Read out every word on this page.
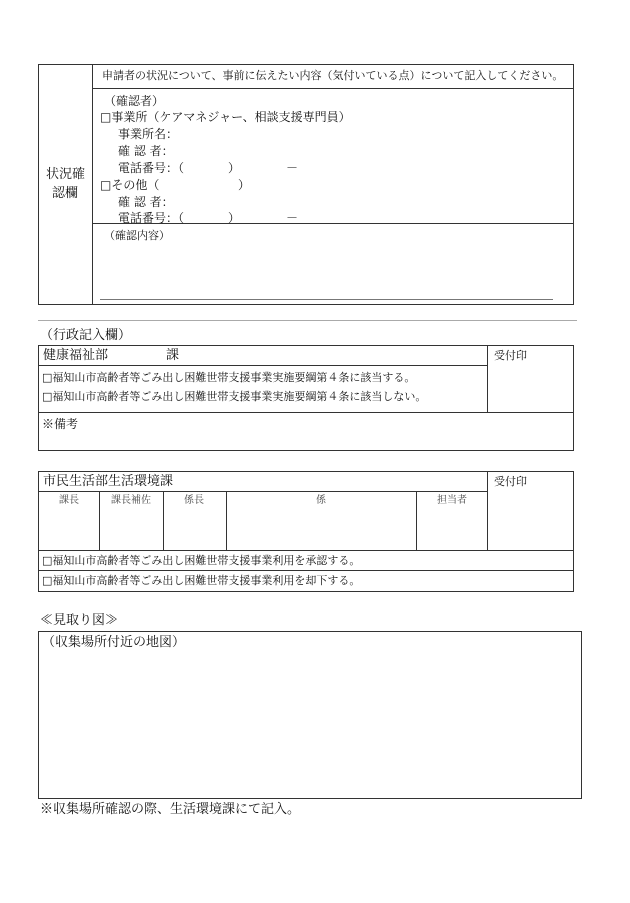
状況確
認欄
申請者の状況について、事前に伝えたい内容（気付いている点）について記入してください。
（確認者）
□事業所（ケアマネジャー、相談支援専門員）
事業所名：
確 認 者：
電話番号：（	）	－
□その他（	）
確 認 者：
電話番号：（	）	－
（確認内容）
（行政記入欄）
健康福祉部	課	受付印
□福知山市高齢者等ごみ出し困難世帯支援事業実施要綱第４条に該当する。
□福知山市高齢者等ごみ出し困難世帯支援事業実施要綱第４条に該当しない。
※備考
市民生活部生活環境課	受付印
課長	課長補佐	係長	係	担当者
□福知山市高齢者等ごみ出し困難世帯支援事業利用を承認する。
□福知山市高齢者等ごみ出し困難世帯支援事業利用を却下する。
≪見取り図≫
（収集場所付近の地図）
※収集場所確認の際、生活環境課にて記入。
